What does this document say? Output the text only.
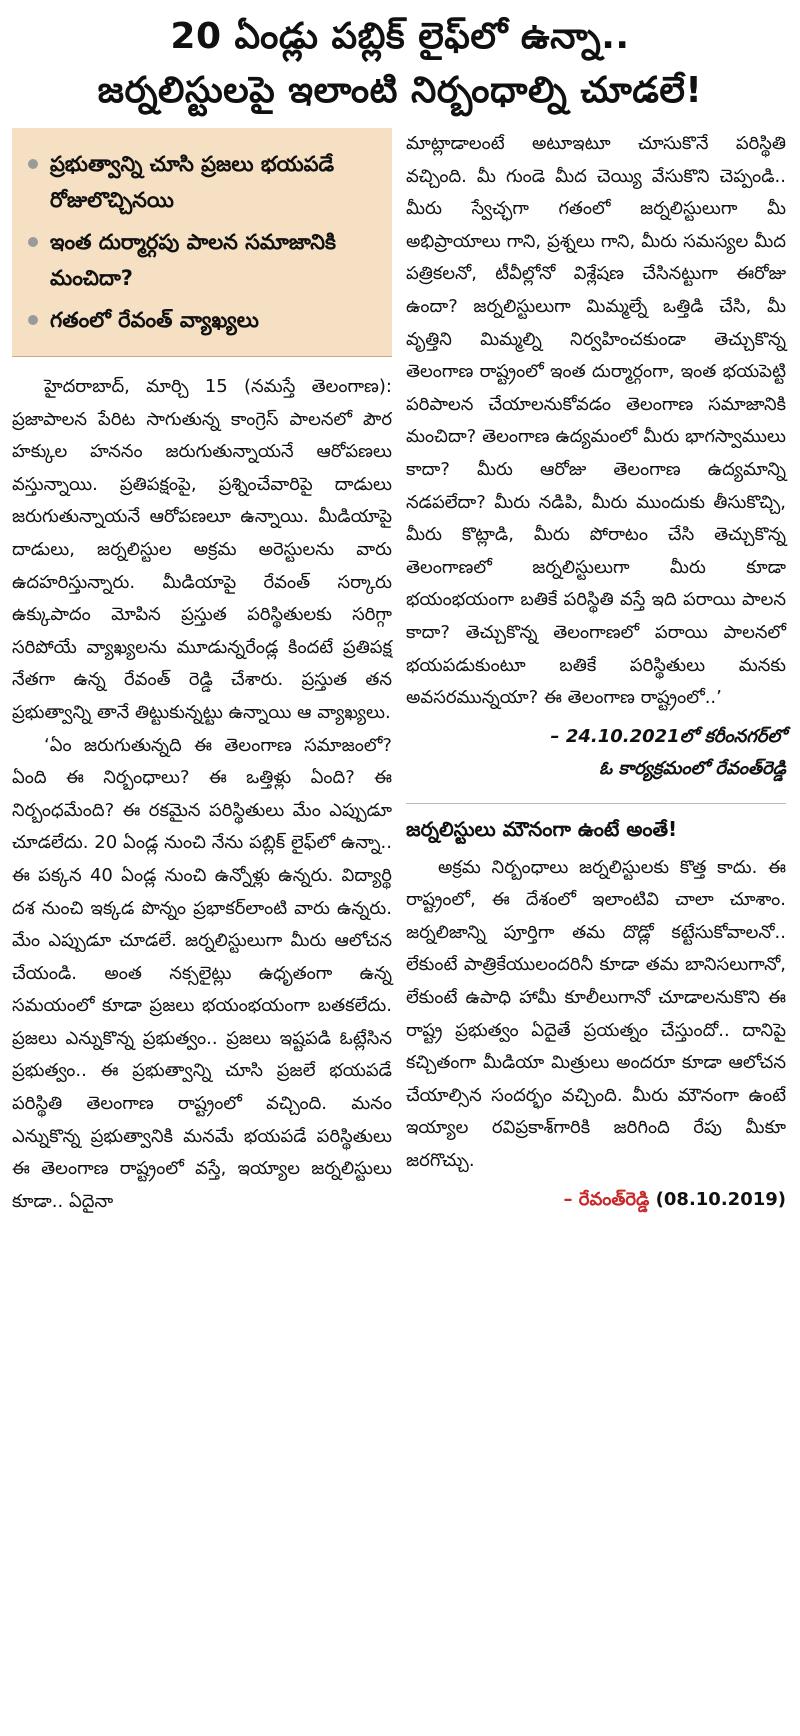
20 ఏండ్లు పబ్లిక్ లైఫ్‌లో ఉన్నా..
జర్నలిస్టులపై ఇలాంటి నిర్బంధాల్ని చూడలే!
ప్రభుత్వాన్ని చూసి ప్రజలు భయపడే రోజులొచ్చినయి
ఇంత దుర్మార్గపు పాలన సమాజానికి మంచిదా?
గతంలో రేవంత్ వ్యాఖ్యలు

హైదరాబాద్, మార్చి 15 (నమస్తే తెలంగాణ): ప్రజాపాలన పేరిట సాగుతున్న కాంగ్రెస్ పాలనలో పౌర హక్కుల హననం జరుగుతున్నాయనే ఆరోపణలు వస్తున్నాయి. ప్రతిపక్షంపై, ప్రశ్నించేవారిపై దాడులు జరుగుతున్నాయనే ఆరోపణలూ ఉన్నాయి. మీడియాపై దాడులు, జర్నలిస్టుల అక్రమ అరెస్టులను వారు ఉదహరిస్తున్నారు. మీడియాపై రేవంత్ సర్కారు ఉక్కుపాదం మోపిన ప్రస్తుత పరిస్థితులకు సరిగ్గా సరిపోయే వ్యాఖ్యలను మూడున్నరేండ్ల కిందటే ప్రతిపక్ష నేతగా ఉన్న రేవంత్ రెడ్డి చేశారు. ప్రస్తుత తన ప్రభుత్వాన్ని తానే తిట్టుకున్నట్టు ఉన్నాయి ఆ వ్యాఖ్యలు.

‘ఏం జరుగుతున్నది ఈ తెలంగాణ సమాజంలో? ఏంది ఈ నిర్బంధాలు? ఈ ఒత్తిళ్లు ఏంది? ఈ నిర్బంధమేంది? ఈ రకమైన పరిస్థితులు మేం ఎప్పుడూ చూడలేదు. 20 ఏండ్ల నుంచి నేను పబ్లిక్ లైఫ్‌లో ఉన్నా.. ఈ పక్కన 40 ఏండ్ల నుంచి ఉన్నోళ్లు ఉన్నరు. విద్యార్థి దశ నుంచి ఇక్కడ పొన్నం ప్రభాకర్‌లాంటి వారు ఉన్నరు. మేం ఎప్పుడూ చూడలే. జర్నలిస్టులుగా మీరు ఆలోచన చేయండి. అంత నక్సలైట్లు ఉధృతంగా ఉన్న సమయంలో కూడా ప్రజలు భయంభయంగా బతకలేదు. ప్రజలు ఎన్నుకొన్న ప్రభుత్వం.. ప్రజలు ఇష్టపడి ఓట్లేసిన ప్రభుత్వం.. ఈ ప్రభుత్వాన్ని చూసి ప్రజలే భయపడే పరిస్థితి తెలంగాణ రాష్ట్రంలో వచ్చింది. మనం ఎన్నుకొన్న ప్రభుత్వానికి మనమే భయపడే పరిస్థితులు ఈ తెలంగాణ రాష్ట్రంలో వస్తే, ఇయ్యాల జర్నలిస్టులు కూడా.. ఏదైనా

మాట్లాడాలంటే అటూఇటూ చూసుకొనే పరిస్థితి వచ్చింది. మీ గుండె మీద చెయ్యి వేసుకొని చెప్పండి.. మీరు స్వేచ్ఛగా గతంలో జర్నలిస్టులుగా మీ అభిప్రాయాలు గాని, ప్రశ్నలు గాని, మీరు సమస్యల మీద పత్రికలనో, టీవీల్లోనో విశ్లేషణ చేసినట్టుగా ఈరోజు ఉందా? జర్నలిస్టులుగా మిమ్మల్నే ఒత్తిడి చేసి, మీ వృత్తిని మిమ్మల్ని నిర్వహించకుండా తెచ్చుకొన్న తెలంగాణ రాష్ట్రంలో ఇంత దుర్మార్గంగా, ఇంత భయపెట్టి పరిపాలన చేయాలనుకోవడం తెలంగాణ సమాజానికి మంచిదా? తెలంగాణ ఉద్యమంలో మీరు భాగస్వాములు కాదా? మీరు ఆరోజు తెలంగాణ ఉద్యమాన్ని నడపలేదా? మీరు నడిపి, మీరు ముందుకు తీసుకొచ్చి, మీరు కొట్లాడి, మీరు పోరాటం చేసి తెచ్చుకొన్న తెలంగాణలో జర్నలిస్టులుగా మీరు కూడా భయంభయంగా బతికే పరిస్థితి వస్తే ఇది పరాయి పాలన కాదా? తెచ్చుకొన్న తెలంగాణలో పరాయి పాలనలో భయపడుకుంటూ బతికే పరిస్థితులు మనకు అవసరమున్నయా? ఈ తెలంగాణ రాష్ట్రంలో..’

– 24.10.2021లో కరీంనగర్‌లో
ఓ కార్యక్రమంలో రేవంత్‌రెడ్డి
జర్నలిస్టులు మౌనంగా ఉంటే అంతే!

అక్రమ నిర్బంధాలు జర్నలిస్టులకు కొత్త కాదు. ఈ రాష్ట్రంలో, ఈ దేశంలో ఇలాంటివి చాలా చూశాం. జర్నలిజాన్ని పూర్తిగా తమ దొడ్లో కట్టేసుకోవాలనో.. లేకుంటే పాత్రికేయులందరినీ కూడా తమ బానిసలుగానో, లేకుంటే ఉపాధి హామీ కూలీలుగానో చూడాలనుకొని ఈ రాష్ట్ర ప్రభుత్వం ఏదైతే ప్రయత్నం చేస్తుందో.. దానిపై కచ్చితంగా మీడియా మిత్రులు అందరూ కూడా ఆలోచన చేయాల్సిన సందర్భం వచ్చింది. మీరు మౌనంగా ఉంటే ఇయ్యాల రవిప్రకాశ్‌గారికి జరిగింది రేపు మీకూ జరగొచ్చు.

– రేవంత్‌రెడ్డి (08.10.2019)
